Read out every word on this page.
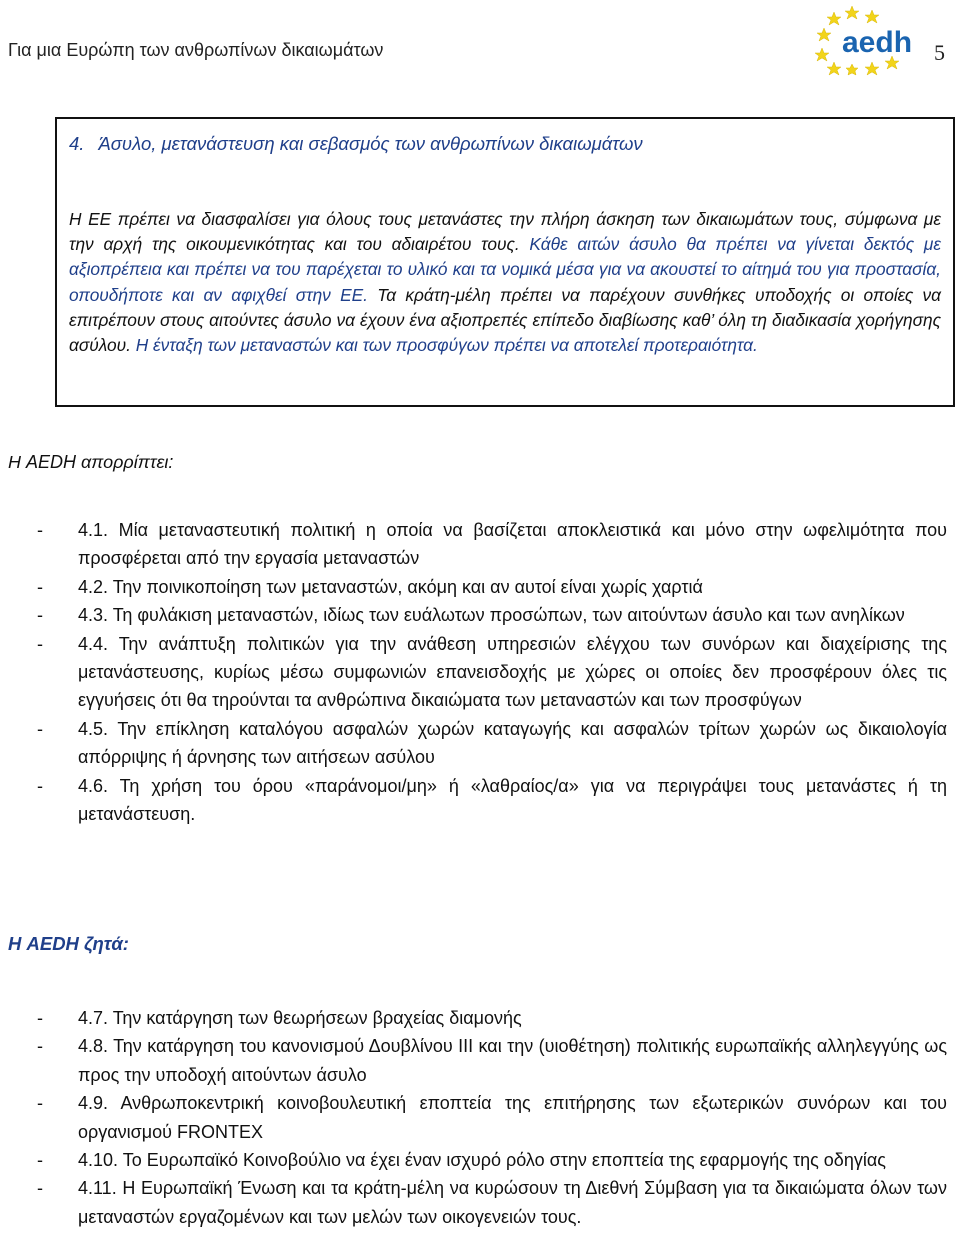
Για μια Ευρώπη των ανθρωπίνων δικαιωμάτων	aedh 5
4. Άσυλο, μετανάστευση και σεβασμός των ανθρωπίνων δικαιωμάτων
Η ΕΕ πρέπει να διασφαλίσει για όλους τους μετανάστες την πλήρη άσκηση των δικαιωμάτων τους, σύμφωνα με την αρχή της οικουμενικότητας και του αδιαιρέτου τους. Κάθε αιτών άσυλο θα πρέπει να γίνεται δεκτός με αξιοπρέπεια και πρέπει να του παρέχεται το υλικό και τα νομικά μέσα για να ακουστεί το αίτημά του για προστασία, οπουδήποτε και αν αφιχθεί στην ΕΕ. Τα κράτη-μέλη πρέπει να παρέχουν συνθήκες υποδοχής οι οποίες να επιτρέπουν στους αιτούντες άσυλο να έχουν ένα αξιοπρεπές επίπεδο διαβίωσης καθ’ όλη τη διαδικασία χορήγησης ασύλου. Η ένταξη των μεταναστών και των προσφύγων πρέπει να αποτελεί προτεραιότητα.
Η AEDH απορρίπτει:
- 4.1. Μία μεταναστευτική πολιτική η οποία να βασίζεται αποκλειστικά και μόνο στην ωφελιμότητα που προσφέρεται από την εργασία μεταναστών
- 4.2. Την ποινικοποίηση των μεταναστών, ακόμη και αν αυτοί είναι χωρίς χαρτιά
- 4.3. Τη φυλάκιση μεταναστών, ιδίως των ευάλωτων προσώπων, των αιτούντων άσυλο και των ανηλίκων
- 4.4. Την ανάπτυξη πολιτικών για την ανάθεση υπηρεσιών ελέγχου των συνόρων και διαχείρισης της μετανάστευσης, κυρίως μέσω συμφωνιών επανεισδοχής με χώρες οι οποίες δεν προσφέρουν όλες τις εγγυήσεις ότι θα τηρούνται τα ανθρώπινα δικαιώματα των μεταναστών και των προσφύγων
- 4.5. Την επίκληση καταλόγου ασφαλών χωρών καταγωγής και ασφαλών τρίτων χωρών ως δικαιολογία απόρριψης ή άρνησης των αιτήσεων ασύλου
- 4.6. Τη χρήση του όρου «παράνομοι/μη» ή «λαθραίος/α» για να περιγράψει τους μετανάστες ή τη μετανάστευση.
Η AEDH ζητά:
- 4.7. Την κατάργηση των θεωρήσεων βραχείας διαμονής
- 4.8. Την κατάργηση του κανονισμού Δουβλίνου ΙΙΙ και την (υιοθέτηση) πολιτικής ευρωπαϊκής αλληλεγγύης ως προς την υποδοχή αιτούντων άσυλο
- 4.9. Ανθρωποκεντρική κοινοβουλευτική εποπτεία της επιτήρησης των εξωτερικών συνόρων και του οργανισμού FRONTEX
- 4.10. Το Ευρωπαϊκό Κοινοβούλιο να έχει έναν ισχυρό ρόλο στην εποπτεία της εφαρμογής της οδηγίας
- 4.11. Η Ευρωπαϊκή Ένωση και τα κράτη-μέλη να κυρώσουν τη Διεθνή Σύμβαση για τα δικαιώματα όλων των μεταναστών εργαζομένων και των μελών των οικογενειών τους.
